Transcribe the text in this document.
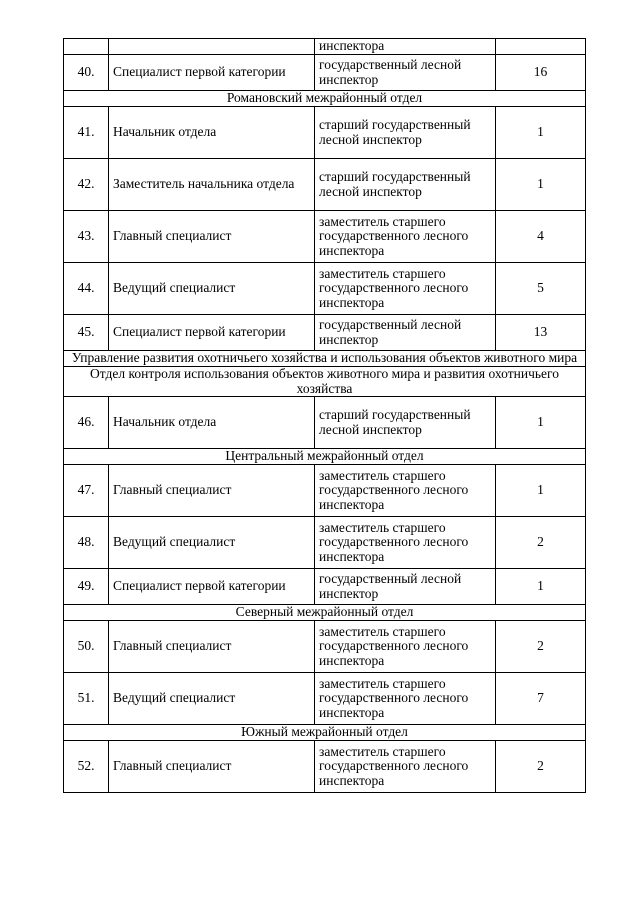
		инспектора	
40.	Специалист первой категории	государственный лесной инспектор	16
Романовский межрайонный отдел			
41.	Начальник отдела	старший государственный лесной инспектор	1
42.	Заместитель начальника отдела	старший государственный лесной инспектор	1
43.	Главный специалист	заместитель старшего государственного лесного инспектора	4
44.	Ведущий специалист	заместитель старшего государственного лесного инспектора	5
45.	Специалист первой категории	государственный лесной инспектор	13
Управление развития охотничьего хозяйства и использования объектов животного мира			
Отдел контроля использования объектов животного мира и развития охотничьего хозяйства			
46.	Начальник отдела	старший государственный лесной инспектор	1
Центральный межрайонный отдел			
47.	Главный специалист	заместитель старшего государственного лесного инспектора	1
48.	Ведущий специалист	заместитель старшего государственного лесного инспектора	2
49.	Специалист первой категории	государственный лесной инспектор	1
Северный межрайонный отдел			
50.	Главный специалист	заместитель старшего государственного лесного инспектора	2
51.	Ведущий специалист	заместитель старшего государственного лесного инспектора	7
Южный межрайонный отдел			
52.	Главный специалист	заместитель старшего государственного лесного инспектора	2
